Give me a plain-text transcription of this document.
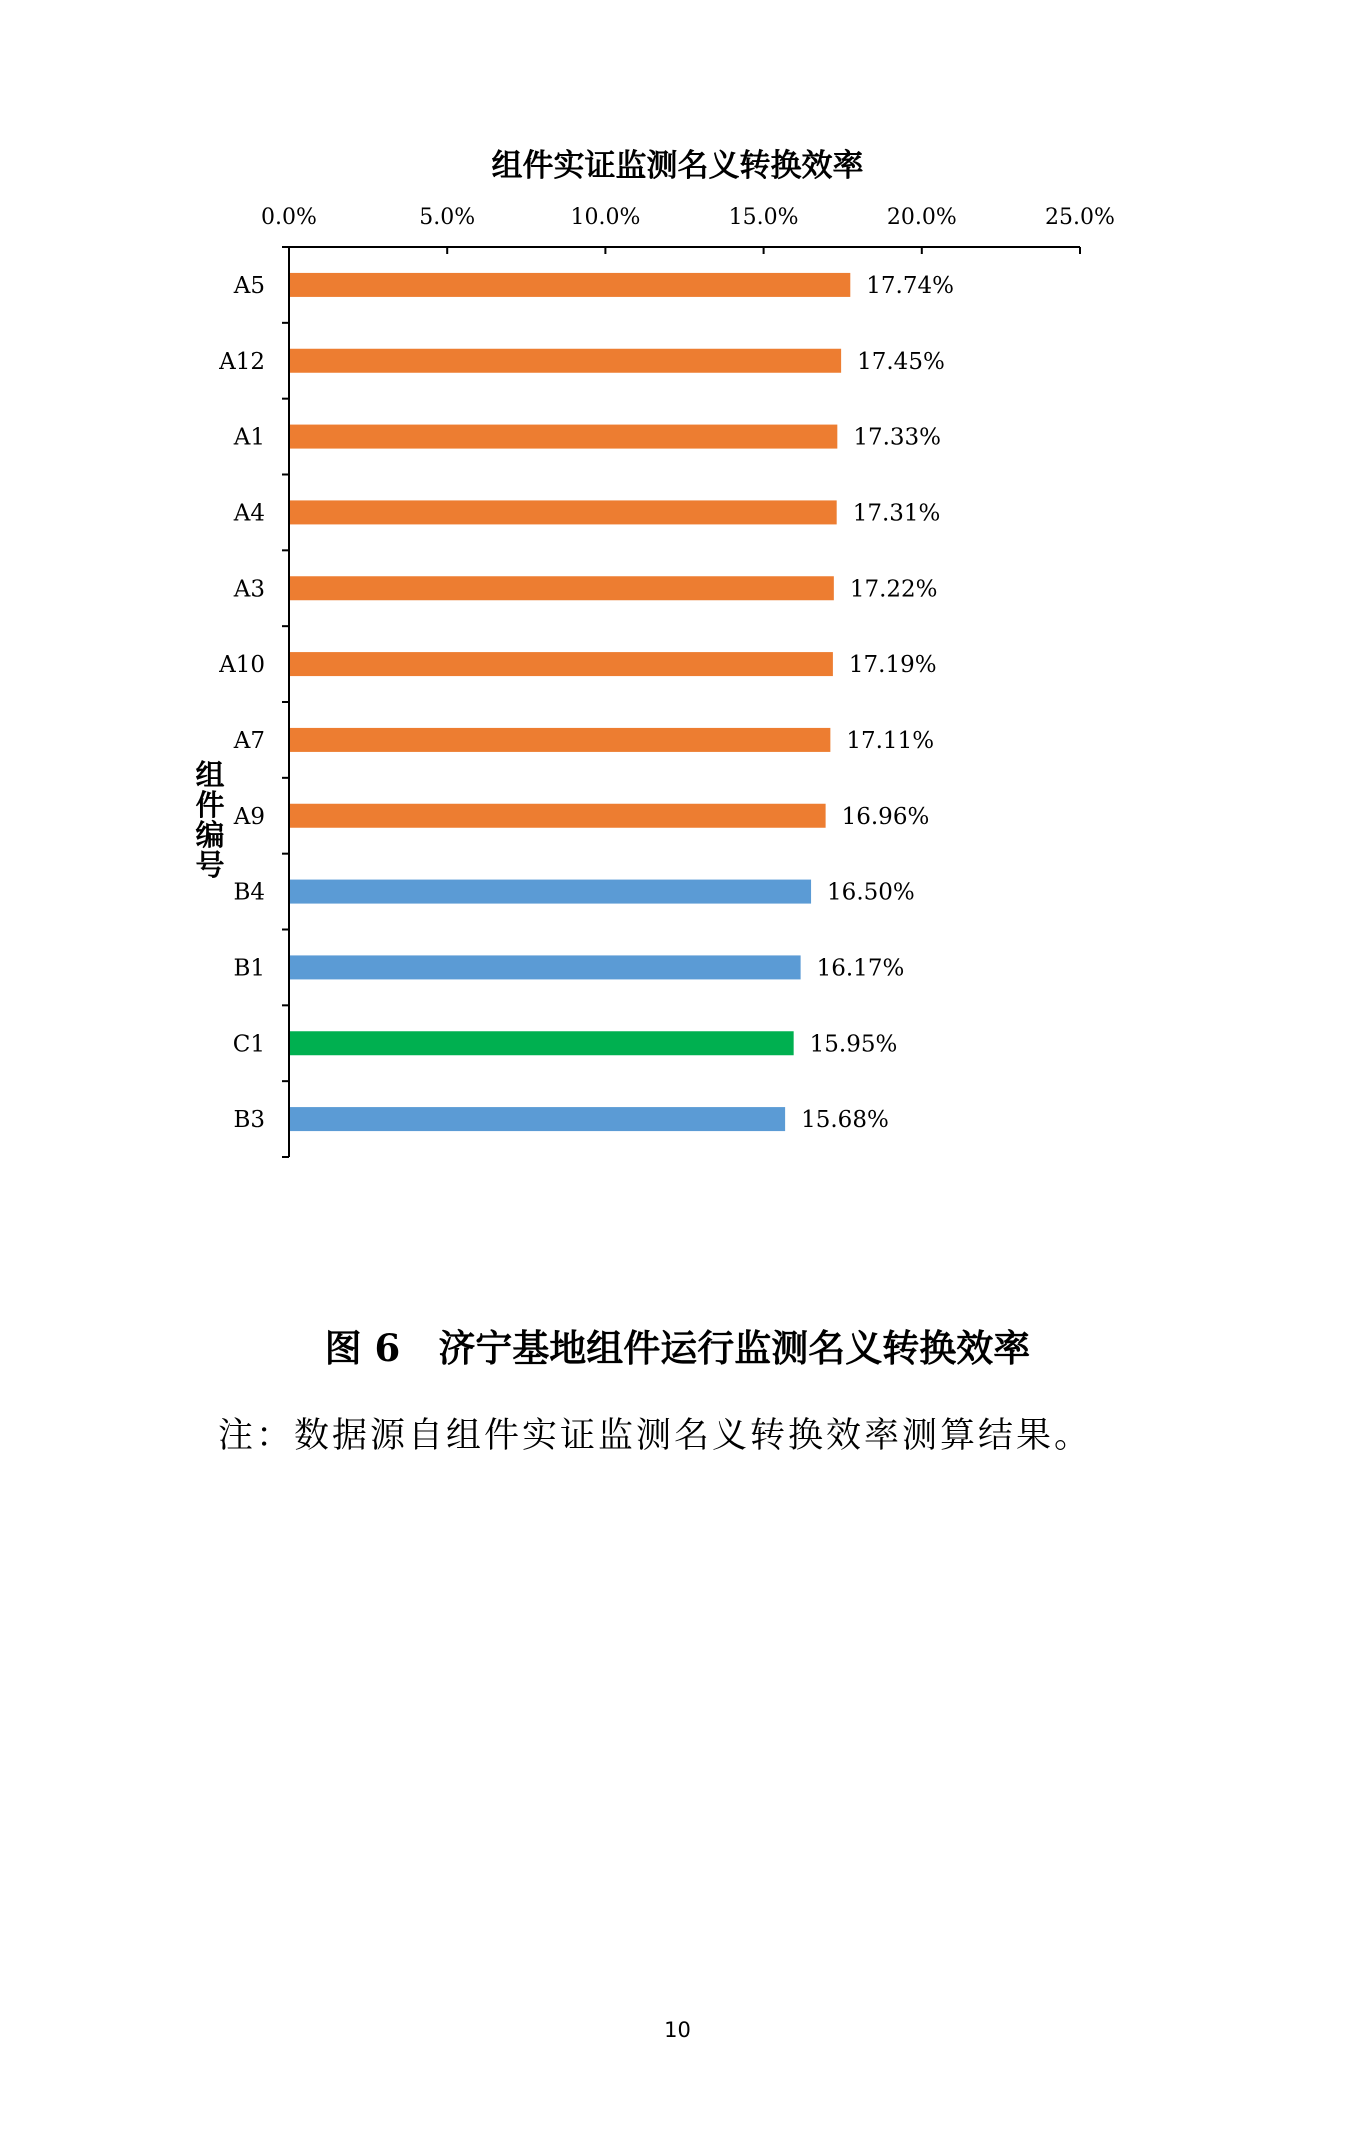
0.0%	5.0%	10.0%	15.0%	20.0%	25.0%
A5	17.74%
A12	17.45%
A1	17.33%
A4	17.31%
A3	17.22%
A10	17.19%
A7	17.11%
A9	16.96%
B4	16.50%
B1	16.17%
C1	15.95%
B3	15.68%
组件实证监测名义转换效率
组件编号
图 6 济宁基地组件运行监测名义转换效率
注：数据源自组件实证监测名义转换效率测算结果。
10
